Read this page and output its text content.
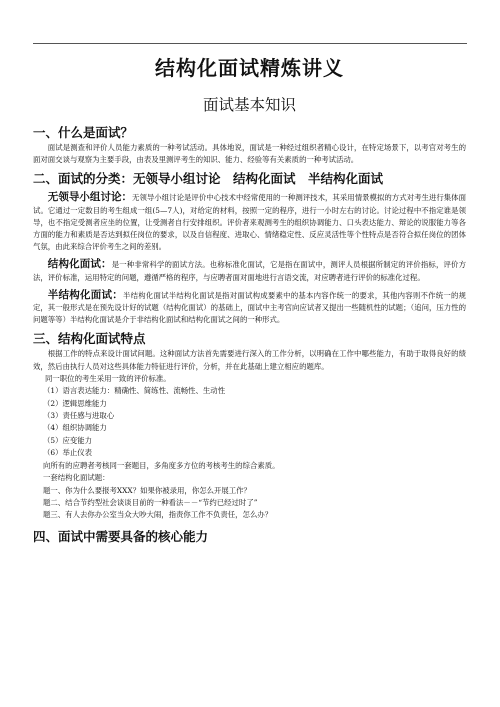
结构化面试精炼讲义
面试基本知识
一、什么是面试？

面试是测查和评价人员能力素质的一种考试活动。具体地说，面试是一种经过组织者精心设计，在特定场景下，以考官对考生的面对面交谈与观察为主要手段，由表及里测评考生的知识、能力、经验等有关素质的一种考试活动。

二、面试的分类：无领导小组讨论　结构化面试　半结构化面试

无领导小组讨论：无领导小组讨论是评价中心技术中经常使用的一种测评技术，其采用情景模拟的方式对考生进行集体面试。它通过一定数目的考生组成一组(5—7人)，对给定的材料，按照一定的程序，进行一小时左右的讨论。讨论过程中不指定谁是领导，也不指定受测者应坐的位置，让受测者自行安排组织。评价者来观测考生的组织协调能力、口头表达能力、辩论的说服能力等各方面的能力和素质是否达到拟任岗位的要求，以及自信程度、进取心、情绪稳定性、反应灵活性等个性特点是否符合拟任岗位的团体气氛，由此来综合评价考生之间的差别。

结构化面试：是一种非常科学的面试方法。也称标准化面试，它是指在面试中，测评人员根据所制定的评价指标，评价方法，评价标准，运用特定的问题，遵循严格的程序，与应聘者面对面地进行言语交流，对应聘者进行评价的标准化过程。

半结构化面试：半结构化面试半结构化面试是指对面试构成要素中的基本内容作统一的要求，其他内容则不作统一的规定，其一般形式是在预先设计好的试题（结构化面试）的基础上，面试中主考官向应试者又提出一些随机性的试题；（追问，压力性的问题等等）半结构化面试是介于非结构化面试和结构化面试之间的一种形式。

三、结构化面试特点

根据工作的特点来设计面试问题。这种面试方法首先需要进行深入的工作分析，以明确在工作中哪些能力，有助于取得良好的绩效，然后由执行人员对这些具体能力特征进行评价，分析，并在此基础上建立相应的题库。

同一职位的考生采用一致的评价标准。

（1）语言表达能力：精确性、简练性、流畅性、生动性

（2）逻辑思维能力

（3）责任感与进取心

（4）组织协调能力

（5）应变能力

（6）举止仪表

向所有的应聘者考核同一套题目，多角度多方位的考核考生的综合素质。

一套结构化面试题：

题一、你为什么要报考XXX？如果你被录用，你怎么开展工作？

题二、结合节约型社会谈谈目前的一种看法－－“节约已经过时了”

题三、有人去你办公室当众大吵大闹，指责你工作不负责任，怎么办？

四、面试中需要具备的核心能力
